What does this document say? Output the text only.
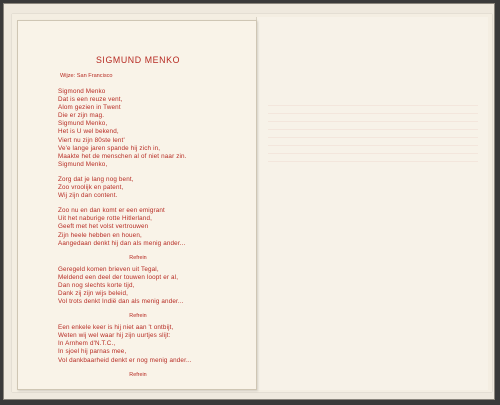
SIGMUND MENKO

Wijze: San Francisco

Sigmond Menko
Dat is een reuze vent,
Alom gezien in Twent
Die er zijn mag.
Sigmund Menko,
Het is U wel bekend,
Viert nu zijn 80ste lent'
Ve'e lange jaren spande hij zich in,
Maakte het de menschen al of niet naar zin.
Sigmund Menko,

Zorg dat je lang nog bent,
Zoo vroolijk en patent,
Wij zijn dan content.

Zoo nu en dan komt er een emigrant
Uit het naburige rotte Hitlerland,
Geeft met het volst vertrouwen
Zijn heele hebben en houen,
Aangedaan denkt hij dan als menig ander...

Refrein

Geregeld komen brieven uit Tegal,
Meldend een deel der touwen loopt er al,
Dan nog slechts korte tijd,
Dank zij zijn wijs beleid,
Vol trots denkt Indië dan als menig ander...

Refrein

Een enkele keer is hij niet aan 't ontbijt,
Weten wij wel waar hij zijn uurtjes slijt:
In Arnhem d'N.T.C.,
In sjoel hij parnas mee,
Vol dankbaarheid denkt er nog menig ander...

Refrein
